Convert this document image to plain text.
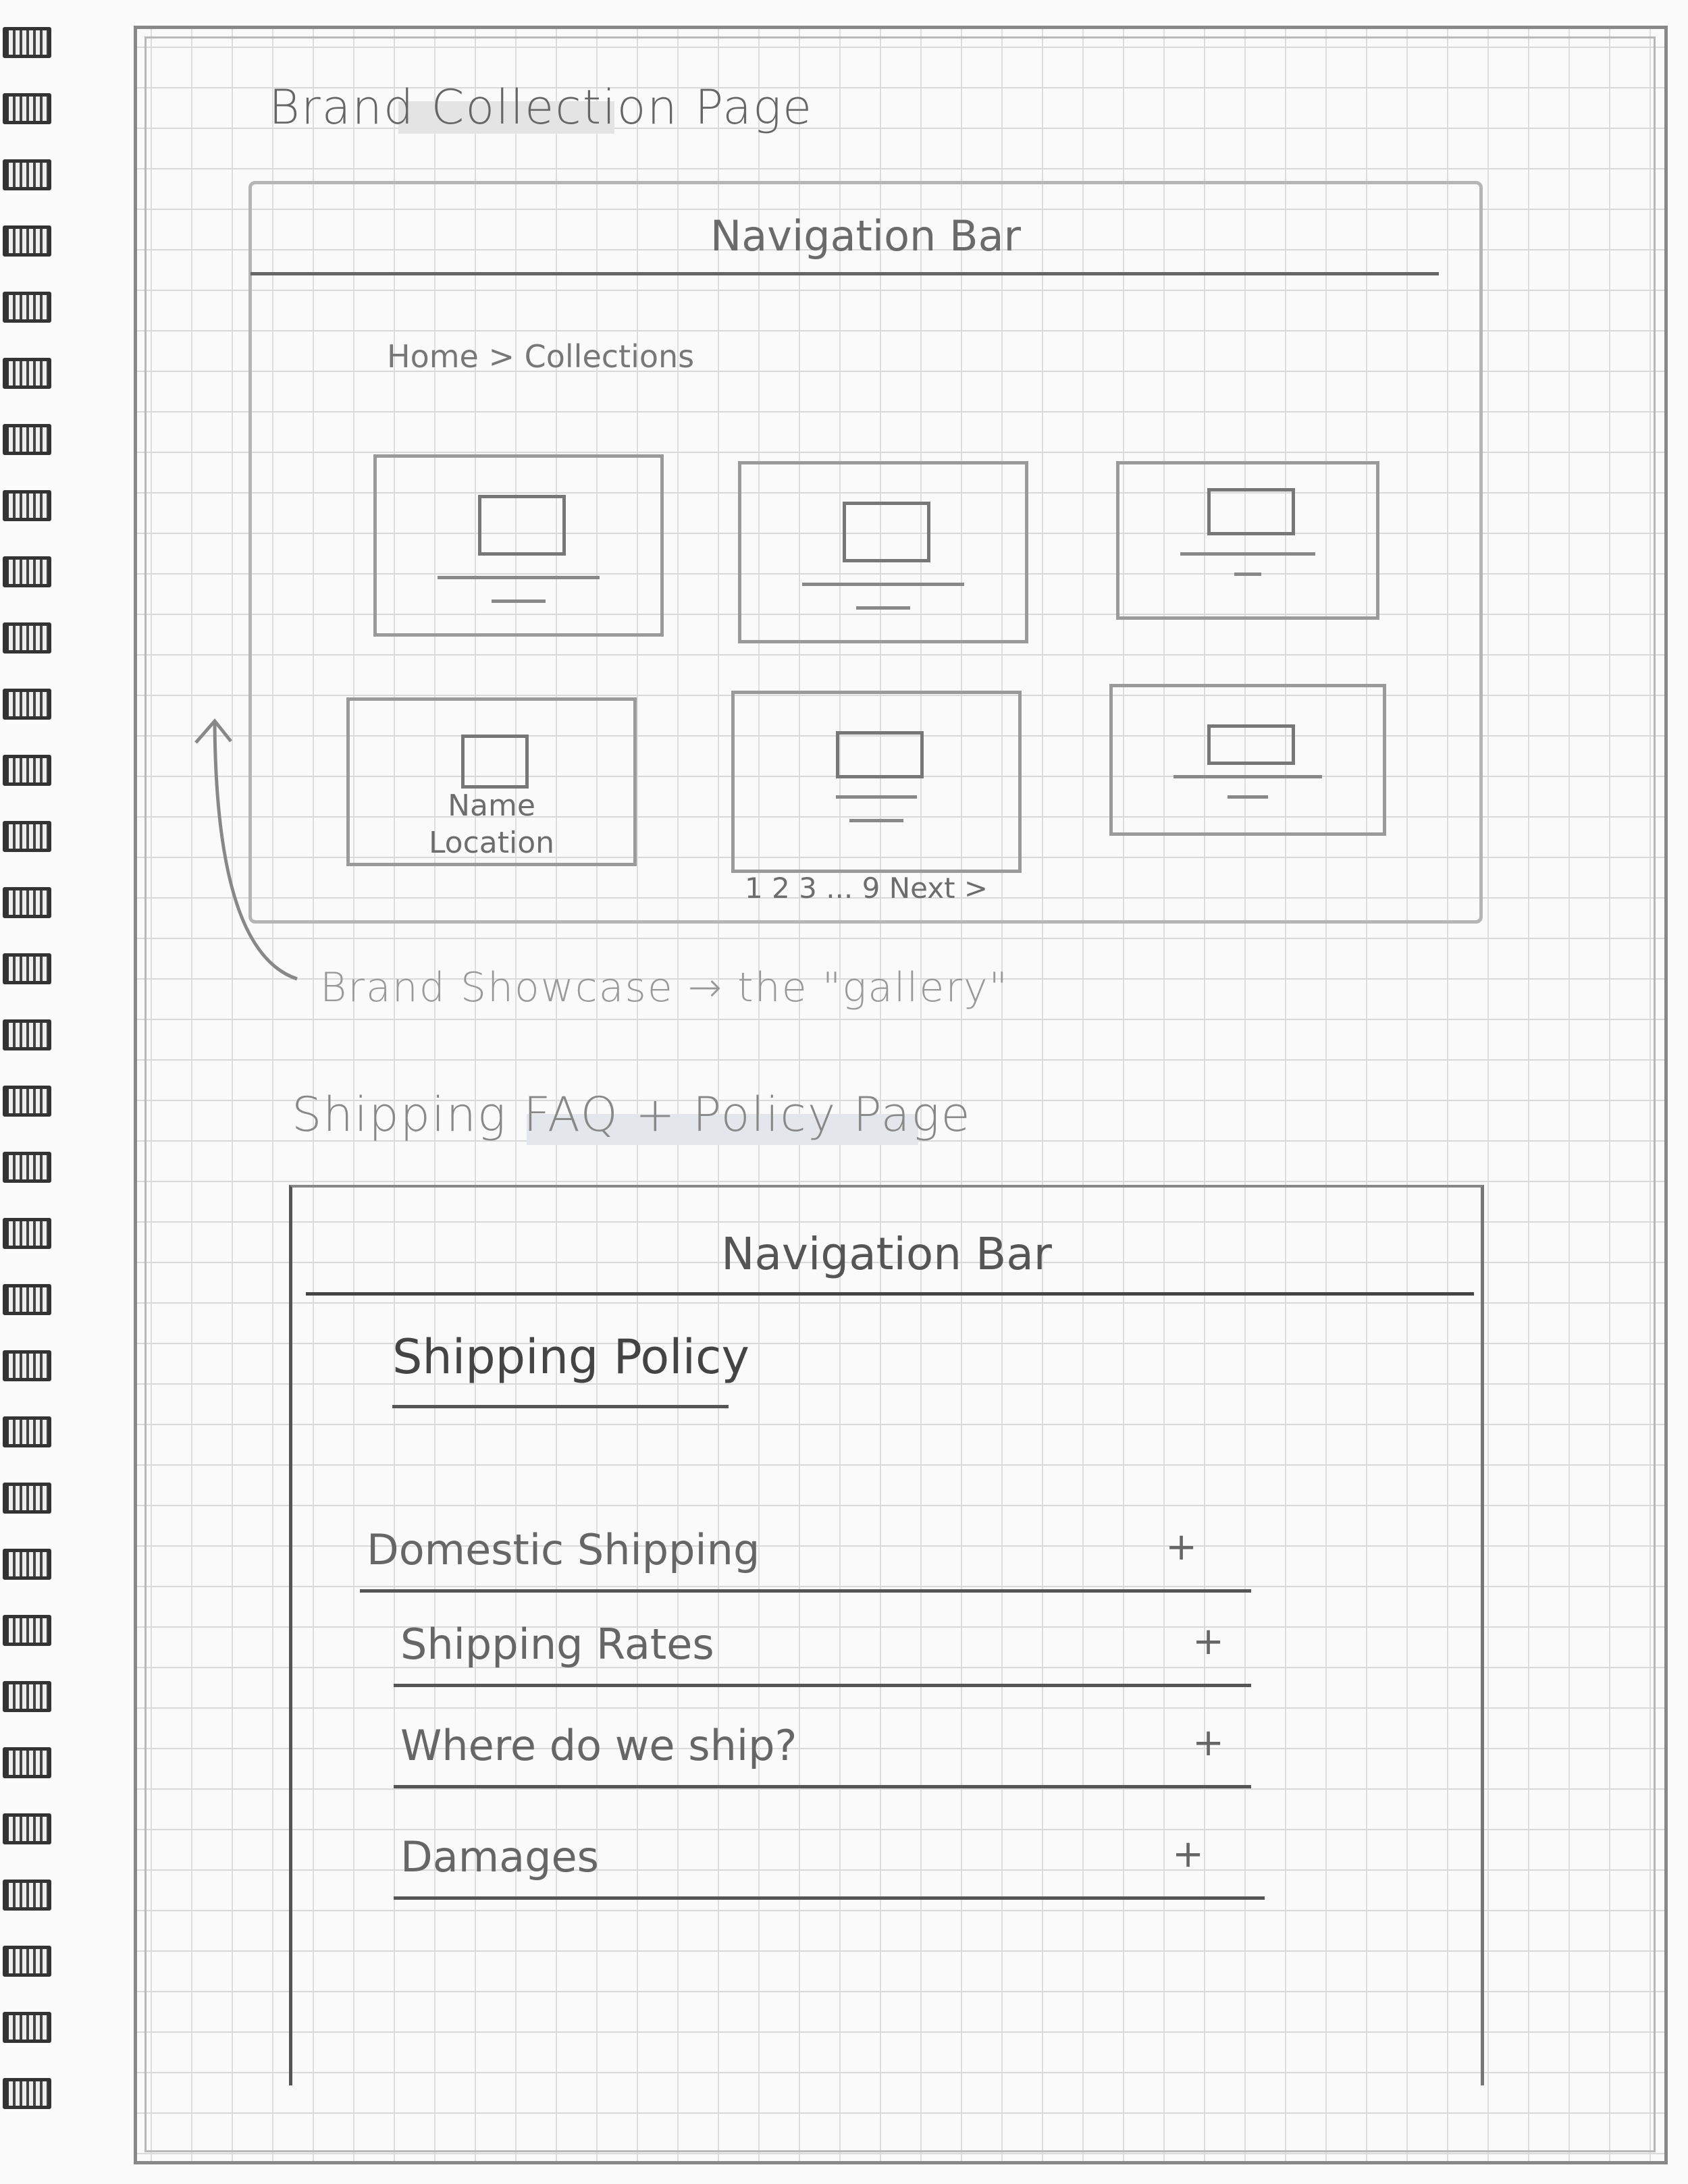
Brand Collection Page
Navigation Bar
Home > Collections
Name
Location
1 2 3 ... 9 Next >
Brand Showcase → the "gallery"
Shipping FAQ + Policy Page
Navigation Bar
Shipping Policy
Domestic Shipping	+
Shipping Rates	+
Where do we ship?	+
Damages	+
